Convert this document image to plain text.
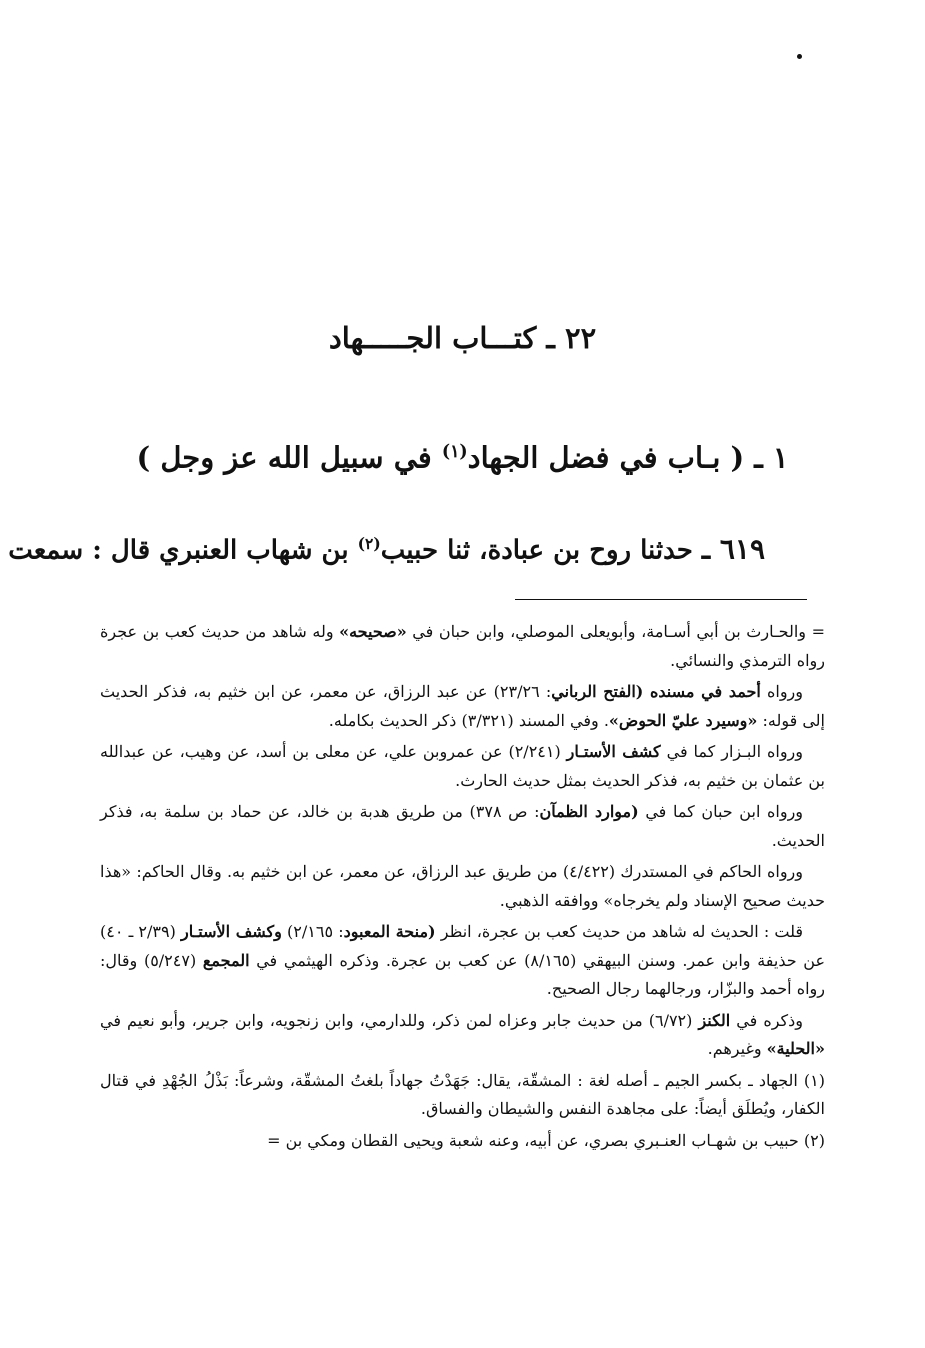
٢٢ ـ كتـــاب الجـــــهاد
١ ـ ( بـاب في فضل الجهاد$^{(١)}$ في سبيل الله عز وجل )
٦١٩ ـ حدثنا روح بن عبادة، ثنا حبيب$^{(٢)}$ بن شهاب العنبري قال : سمعت

= والحـارث بن أبي أسـامة، وأبويعلى الموصلي، وابن حبان في «صحيحه» وله شاهد من حديث كعب بن عجرة رواه الترمذي والنسائي.

ورواه أحمد في مسنده (الفتح الرباني: ٢٣/٢٦) عن عبد الرزاق، عن معمر، عن ابن خثيم به، فذكر الحديث إلى قوله: «وسيرد عليّ الحوض». وفي المسند (٣/٣٢١) ذكر الحديث بكامله.

ورواه البـزار كما في كشف الأستـار (٢/٢٤١) عن عمروبن علي، عن معلى بن أسد، عن وهيب، عن عبدالله بن عثمان بن خثيم به، فذكر الحديث بمثل حديث الحارث.

ورواه ابن حبان كما في (موارد الظمآن: ص ٣٧٨) من طريق هدبة بن خالد، عن حماد بن سلمة به، فذكر الحديث.

ورواه الحاكم في المستدرك (٤/٤٢٢) من طريق عبد الرزاق، عن معمر، عن ابن خثيم به. وقال الحاكم: «هذا حديث صحيح الإسناد ولم يخرجاه» ووافقه الذهبي.

قلت : الحديث له شاهد من حديث كعب بن عجرة، انظر (منحة المعبود: ٢/١٦٥) وكشف الأستـار (٢/٣٩ ـ ٤٠) عن حذيفة وابن عمر. وسنن البيهقي (٨/١٦٥) عن كعب بن عجرة. وذكره الهيثمي في المجمع (٥/٢٤٧) وقال: رواه أحمد والبزّار، ورجالهما رجال الصحيح.

وذكره في الكنز (٦/٧٢) من حديث جابر وعزاه لمن ذكر، وللدارمي، وابن زنجويه، وابن جرير، وأبو نعيم في «الحلية» وغيرهم.

(١) الجهاد ـ بكسر الجيم ـ أصله لغة : المشقّة، يقال: جَهَدْتُ جهاداً بلغتُ المشقّة، وشرعاً: بَذْلُ الجُهْدِ في قتال الكفار، ويُطلَق أيضاً: على مجاهدة النفس والشيطان والفساق.

(٢) حبيب بن شهـاب العنـبري بصري، عن أبيه، وعنه شعبة ويحيى القطان ومكي بن =
